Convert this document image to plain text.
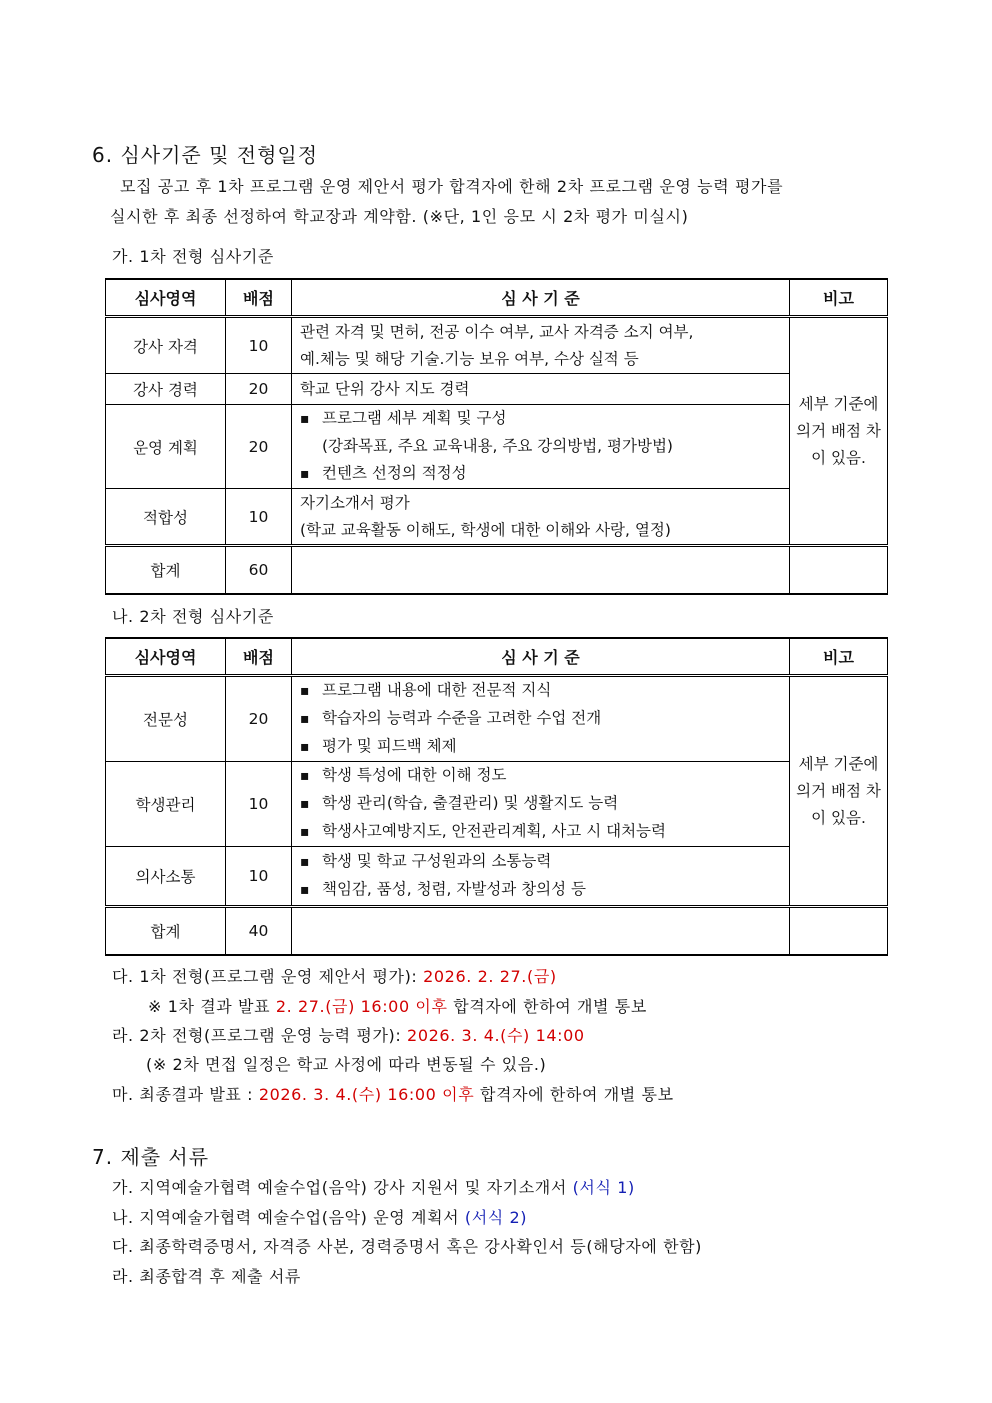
6. 심사기준 및 전형일정
모집 공고 후 1차 프로그램 운영 제안서 평가 합격자에 한해 2차 프로그램 운영 능력 평가를
실시한 후 최종 선정하여 학교장과 계약함. (※단, 1인 응모 시 2차 평가 미실시)
가. 1차 전형 심사기준
심사영역	배점	심 사 기 준	비고
강사 자격	10	관련 자격 및 면허, 전공 이수 여부, 교사 자격증 소지 여부,
예.체능 및 해당 기술.기능 보유 여부, 수상 실적 등	세부 기준에 의거 배점 차이 있음.
강사 경력	20	학교 단위 강사 지도 경력	
운영 계획	20	▪ 프로그램 세부 계획 및 구성
(강좌목표, 주요 교육내용, 주요 강의방법, 평가방법)
▪ 컨텐츠 선정의 적정성

적합성	10	자기소개서 평가
(학교 교육활동 이해도, 학생에 대한 이해와 사랑, 열정)	

합계	60		
나. 2차 전형 심사기준
심사영역	배점	심 사 기 준	비고
전문성	20	▪ 프로그램 내용에 대한 전문적 지식
▪ 학습자의 능력과 수준을 고려한 수업 전개
▪ 평가 및 피드백 체제	세부 기준에 의거 배점 차이 있음.
학생관리	10	▪ 학생 특성에 대한 이해 정도
▪ 학생 관리(학습, 출결관리) 및 생활지도 능력
▪ 학생사고예방지도, 안전관리계획, 사고 시 대처능력

의사소통	10	▪ 학생 및 학교 구성원과의 소통능력
▪ 책임감, 품성, 청렴, 자발성과 창의성 등

합계	40		
다. 1차 전형(프로그램 운영 제안서 평가): 2026. 2. 27.(금)
※ 1차 결과 발표 2. 27.(금) 16:00 이후 합격자에 한하여 개별 통보
라. 2차 전형(프로그램 운영 능력 평가): 2026. 3. 4.(수) 14:00
(※ 2차 면접 일정은 학교 사정에 따라 변동될 수 있음.)
마. 최종결과 발표 : 2026. 3. 4.(수) 16:00 이후 합격자에 한하여 개별 통보
7. 제출 서류
가. 지역예술가협력 예술수업(음악) 강사 지원서 및 자기소개서 (서식 1)
나. 지역예술가협력 예술수업(음악) 운영 계획서 (서식 2)
다. 최종학력증명서, 자격증 사본, 경력증명서 혹은 강사확인서 등(해당자에 한함)
라. 최종합격 후 제출 서류
